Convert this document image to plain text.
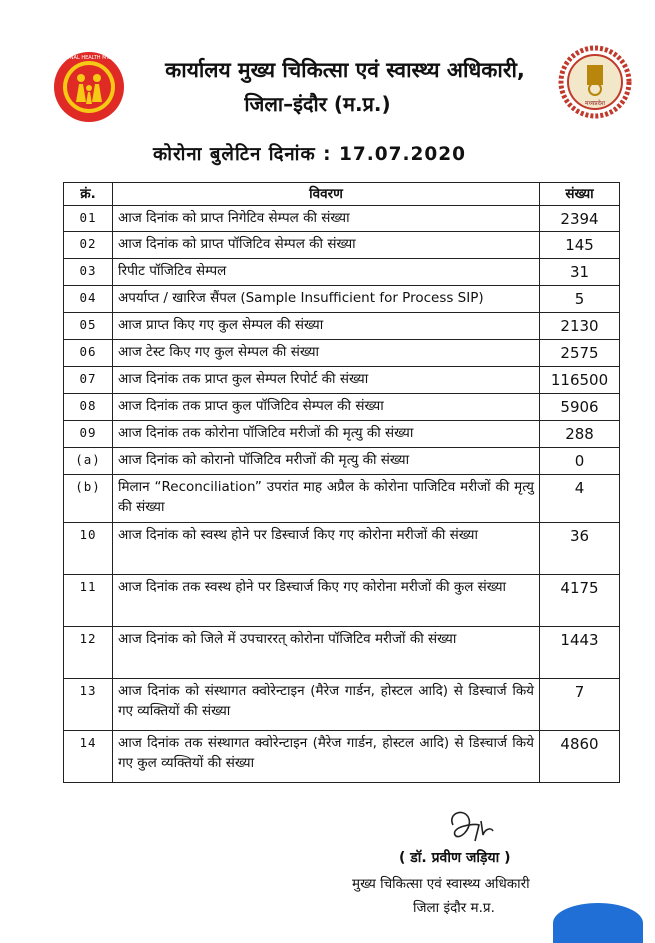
NATIONAL HEALTH MISSION
मध्यप्रदेश
कार्यालय मुख्य चिकित्सा एवं स्वास्थ्य अधिकारी,
जिला–इंदौर (म.प्र.)
कोरोना बुलेटिन दिनांक : 17.07.2020
क्रं.	विवरण	संख्या
01	आज दिनांक को प्राप्त निगेटिव सेम्पल की संख्या	2394
02	आज दिनांक को प्राप्त पॉजिटिव सेम्पल की संख्या	145
03	रिपीट पॉजिटिव सेम्पल	31
04	अपर्याप्त / खारिज सैंपल (Sample Insufficient for Process SIP)	5
05	आज प्राप्त किए गए कुल सेम्पल की संख्या	2130
06	आज टेस्ट किए गए कुल सेम्पल की संख्या	2575
07	आज दिनांक तक प्राप्त कुल सेम्पल रिपोर्ट की संख्या	116500
08	आज दिनांक तक प्राप्त कुल पॉजिटिव सेम्पल की संख्या	5906
09	आज दिनांक तक कोरोना पॉजिटिव मरीजों की मृत्यु की संख्या	288
(a)	आज दिनांक को कोरानो पॉजिटिव मरीजों की मृत्यु की संख्या	0
(b)	मिलान “Reconciliation” उपरांत माह अप्रैल के कोरोना पाजिटिव मरीजों की मृत्यु की संख्या	4
10	आज दिनांक को स्वस्थ होने पर डिस्चार्ज किए गए कोरोना मरीजों की संख्या	36
11	आज दिनांक तक स्वस्थ होने पर डिस्चार्ज किए गए कोरोना मरीजों की कुल संख्या	4175
12	आज दिनांक को जिले में उपचाररत् कोरोना पॉजिटिव मरीजों की संख्या	1443
13	आज दिनांक को संस्थागत क्वोरेन्टाइन (मैरेज गार्डन, होस्टल आदि) से डिस्चार्ज किये गए व्यक्तियों की संख्या	7
14	आज दिनांक तक संस्थागत क्वोरेन्टाइन (मैरेज गार्डन, होस्टल आदि) से डिस्चार्ज किये गए कुल व्यक्तियों की संख्या	4860
( डॉ. प्रवीण जड़िया )
मुख्य चिकित्सा एवं स्वास्थ्य अधिकारी
जिला इंदौर म.प्र.
